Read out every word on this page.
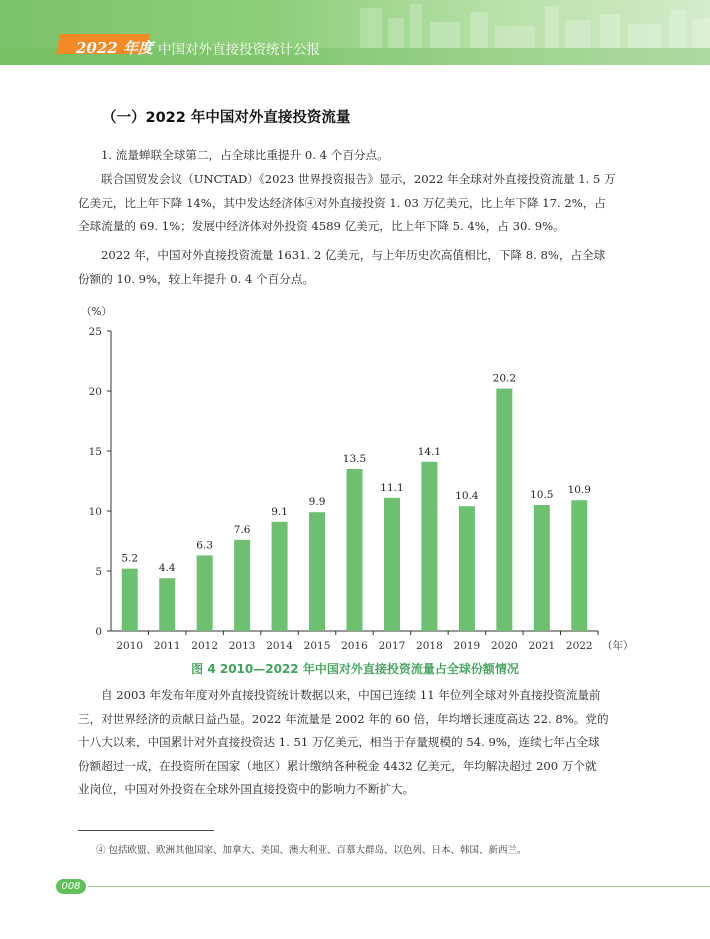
2022 年度 中国对外直接投资统计公报
（一）2022 年中国对外直接投资流量
1. 流量蝉联全球第二，占全球比重提升 0. 4 个百分点。
联合国贸发会议（UNCTAD）《2023 世界投资报告》显示，2022 年全球对外直接投资流量 1. 5 万
亿美元，比上年下降 14%，其中发达经济体④对外直接投资 1. 03 万亿美元，比上年下降 17. 2%，占
全球流量的 69. 1%；发展中经济体对外投资 4589 亿美元，比上年下降 5. 4%，占 30. 9%。
2022 年，中国对外直接投资流量 1631. 2 亿美元，与上年历史次高值相比，下降 8. 8%，占全球
份额的 10. 9%，较上年提升 0. 4 个百分点。
（%）
0
5
10
15
20
25
5.2
2010
4.4
2011
6.3
2012
7.6
2013
9.1
2014
9.9
2015
13.5
2016
11.1
2017
14.1
2018
10.4
2019
20.2
2020
10.5
2021
10.9
2022 （年）
图 4 2010—2022 年中国对外直接投资流量占全球份额情况
自 2003 年发布年度对外直接投资统计数据以来，中国已连续 11 年位列全球对外直接投资流量前
三，对世界经济的贡献日益凸显。2022 年流量是 2002 年的 60 倍，年均增长速度高达 22. 8%。党的
十八大以来，中国累计对外直接投资达 1. 51 万亿美元，相当于存量规模的 54. 9%，连续七年占全球
份额超过一成，在投资所在国家（地区）累计缴纳各种税金 4432 亿美元，年均解决超过 200 万个就
业岗位，中国对外投资在全球外国直接投资中的影响力不断扩大。
④ 包括欧盟、欧洲其他国家、加拿大、美国、澳大利亚、百慕大群岛、以色列、日本、韩国、新西兰。
008
